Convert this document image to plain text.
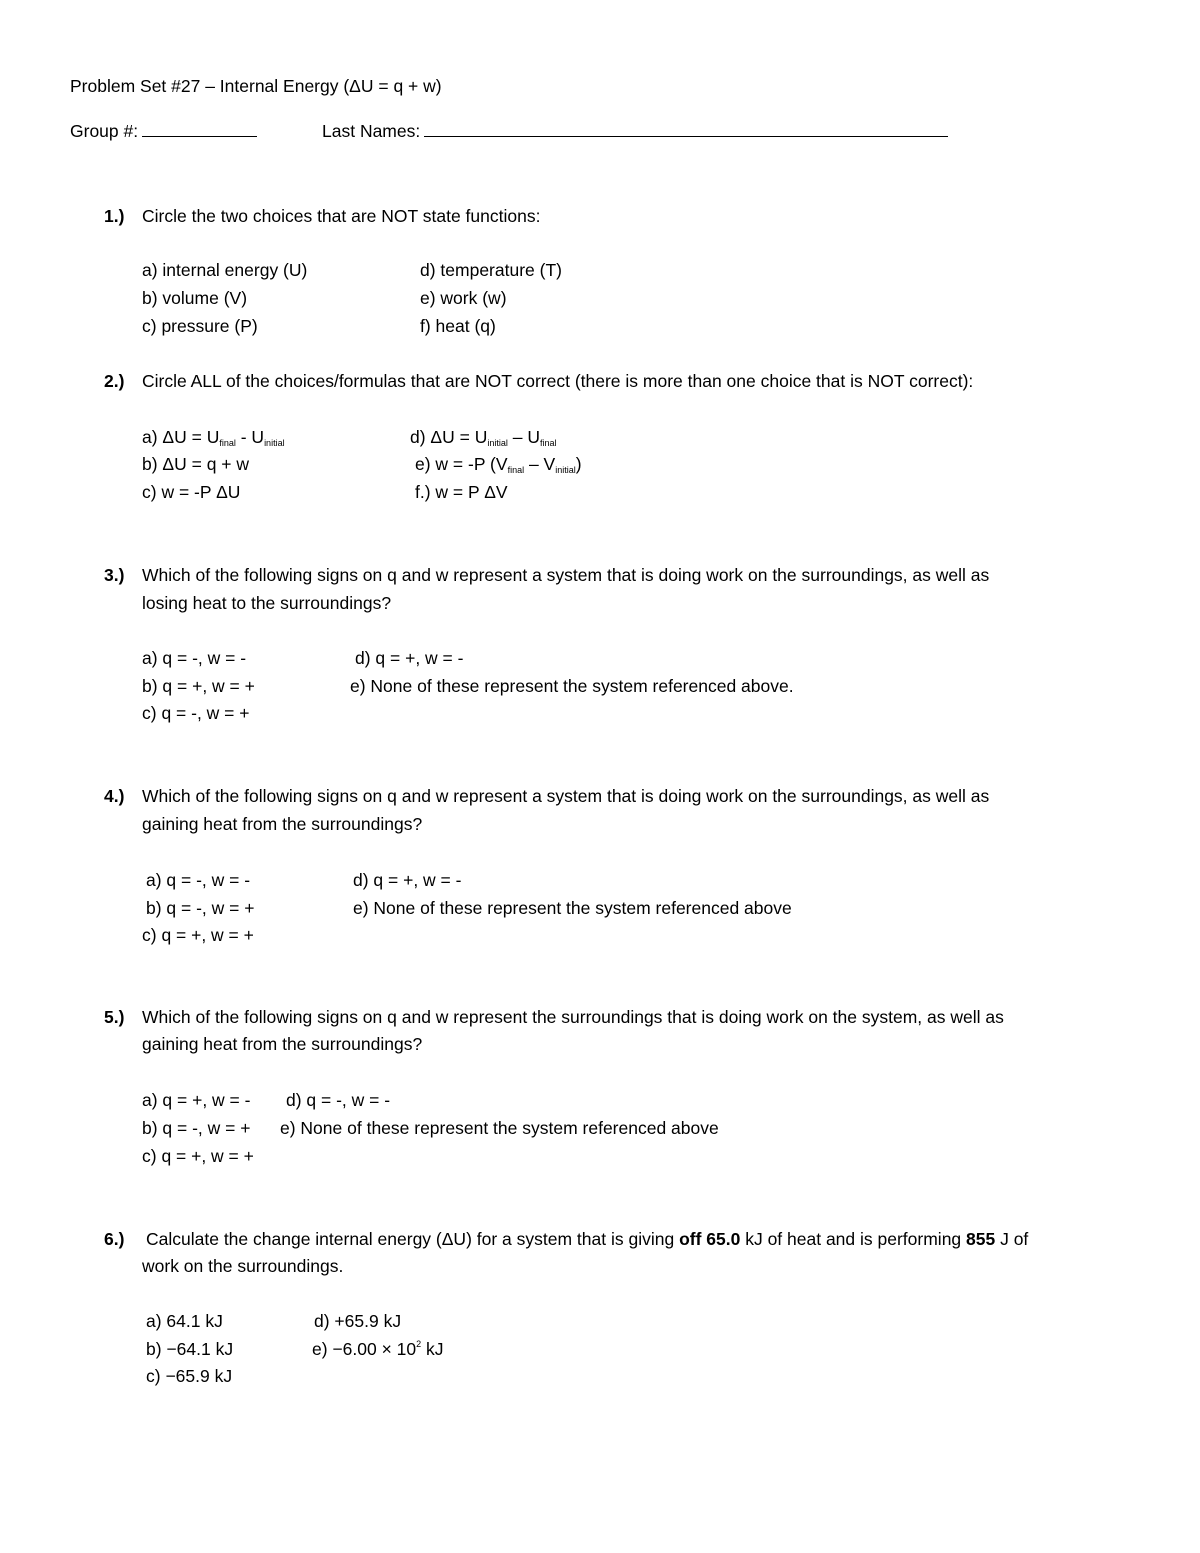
Problem Set #27 – Internal Energy (ΔU = q + w)
Group #:	Last Names:
1.) Circle the two choices that are NOT state functions:
a) internal energy (U)
b) volume (V)
c) pressure (P)
d) temperature (T)
e) work (w)
f) heat (q)
2.) Circle ALL of the choices/formulas that are NOT correct (there is more than one choice that is NOT correct):
a) $\Delta U = U_{final} - U_{initial}$
b) ΔU = q + w
c) w = -P ΔU
d) $\Delta U = U_{initial} - U_{final}$
e) w = -P $(V_{final} - V_{initial})$
f.) w = P ΔV
3.) Which of the following signs on q and w represent a system that is doing work on the surroundings, as well as
losing heat to the surroundings?
a) q = -, w = -
b) q = +, w = +
c) q = -, w = +
d) q = +, w = -
e) None of these represent the system referenced above.
4.) Which of the following signs on q and w represent a system that is doing work on the surroundings, as well as
gaining heat from the surroundings?
a) q = -, w = -
b) q = -, w = +
c) q = +, w = +
d) q = +, w = -
e) None of these represent the system referenced above
5.) Which of the following signs on q and w represent the surroundings that is doing work on the system, as well as
gaining heat from the surroundings?
a) q = +, w = - d) q = -, w = -
b) q = -, w = + e) None of these represent the system referenced above
c) q = +, w = +
6.) Calculate the change internal energy (ΔU) for a system that is giving off 65.0 kJ of heat and is performing 855 J of
work on the surroundings.
a) 64.1 kJ
b) −64.1 kJ
c) −65.9 kJ
d) +65.9 kJ
$e) -6.00 \times 10^2$ kJ
